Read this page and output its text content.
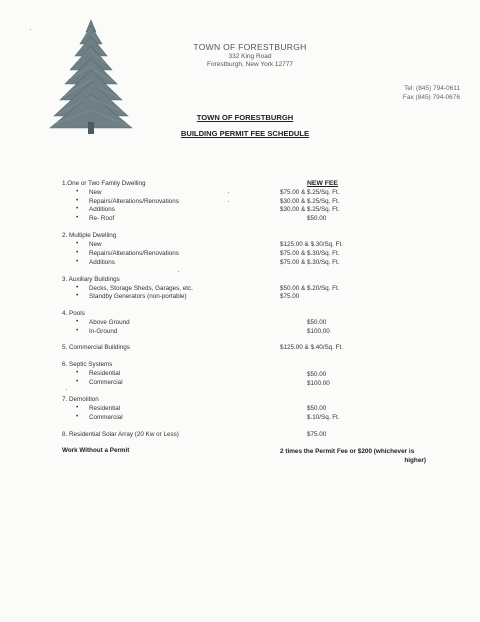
TOWN OF FORESTBURGH
332 King Road
Forestburgh, New York 12777
Tel: (845) 794-0611
Fax (845) 794-0676
TOWN OF FORESTBURGH
BUILDING PERMIT FEE SCHEDULE
NEW FEE
1.One or Two Family Dwelling
• New	$75.00 & $.25/Sq. Ft.
• Repairs/Alterations/Renovations	$30.00 & $.25/Sq. Ft.
• Additions	$30.00 & $.25/Sq. Ft.
• Re- Roof	$50.00
2. Multiple Dwelling
• New	$125.00 & $.30/Sq. Ft.
• Repairs/Alterations/Renovations	$75.00 & $.30/Sq. Ft.
• Additions	$75.00 & $.30/Sq. Ft.
3. Auxiliary Buildings
• Decks, Storage Sheds, Garages, etc.	$50.00 & $.20/Sq. Ft.
• Standby Generators (non-portable)	$75.00
4. Pools
• Above Ground	$50.00
• In-Ground	$100.00
5. Commercial Buildings	$125.00 & $.40/Sq. Ft.
6. Septic Systems
• Residential	$50.00
• Commercial	$100.00
7. Demolition
• Residential	$50.00
• Commercial	$.10/Sq. Ft.
8. Residential Solar Array (20 Kw or Less)	$75.00
Work Without a Permit	2 times the Permit Fee or $200 (whichever is
higher)
